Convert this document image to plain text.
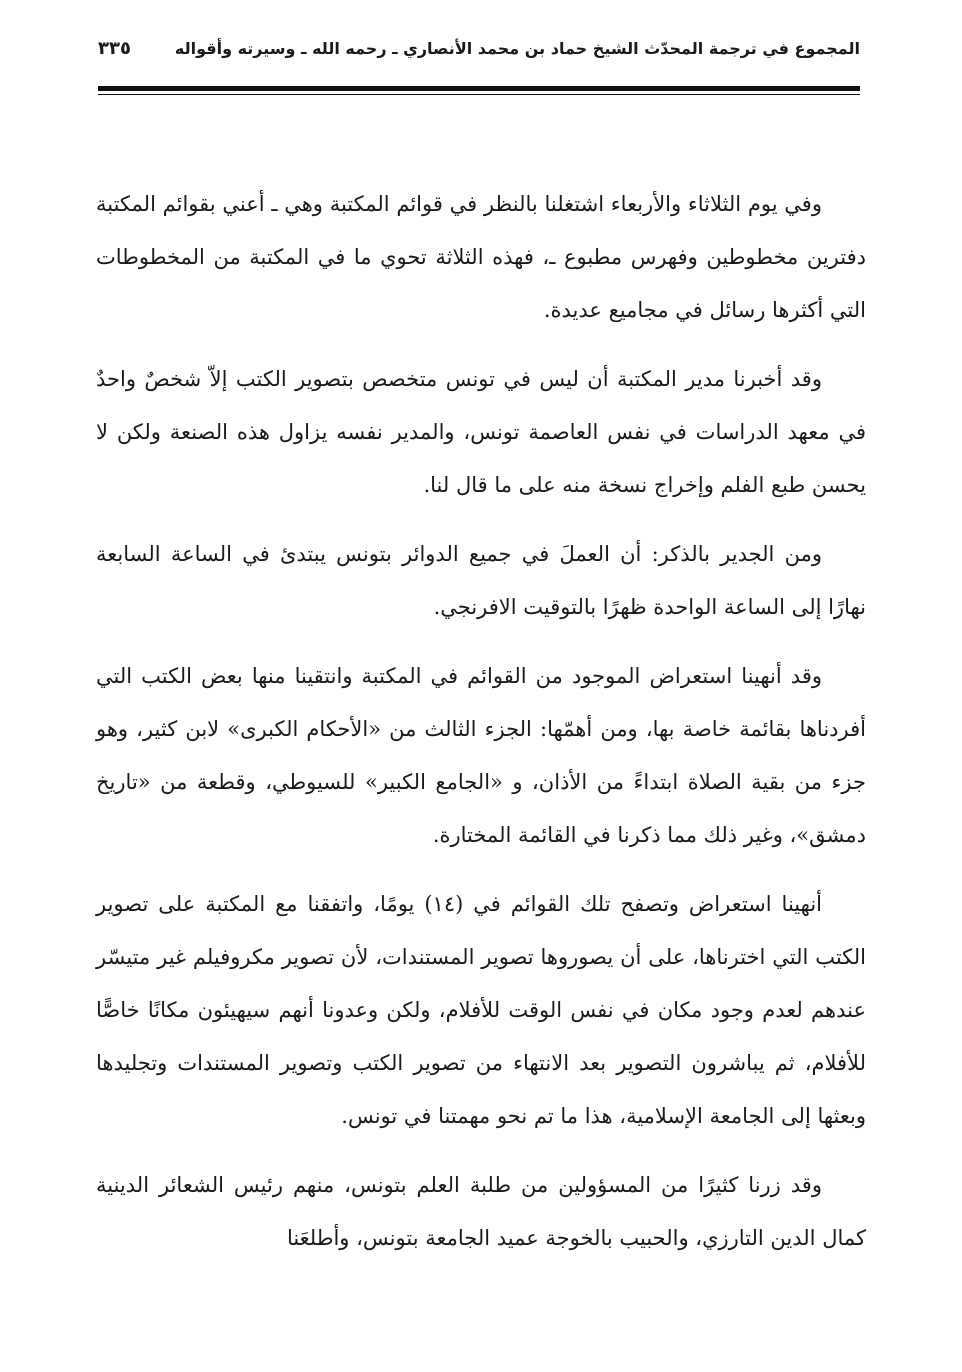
المجموع في ترجمة المحدّث الشيخ حماد بن محمد الأنصاري ـ رحمه الله ـ وسيرته وأقواله
٣٣٥

وفي يوم الثلاثاء والأربعاء اشتغلنا بالنظر في قوائم المكتبة وهي ـ أعني بقوائم المكتبة دفترين مخطوطين وفهرس مطبوع ـ، فهذه الثلاثة تحوي ما في المكتبة من المخطوطات التي أكثرها رسائل في مجاميع عديدة.

وقد أخبرنا مدير المكتبة أن ليس في تونس متخصص بتصوير الكتب إلاّ شخصٌ واحدٌ في معهد الدراسات في نفس العاصمة تونس، والمدير نفسه يزاول هذه الصنعة ولكن لا يحسن طبع الفلم وإخراج نسخة منه على ما قال لنا.

ومن الجدير بالذكر: أن العملَ في جميع الدوائر بتونس يبتدئ في الساعة السابعة نهارًا إلى الساعة الواحدة ظهرًا بالتوقيت الافرنجي.

وقد أنهينا استعراض الموجود من القوائم في المكتبة وانتقينا منها بعض الكتب التي أفردناها بقائمة خاصة بها، ومن أهمّها: الجزء الثالث من «الأحكام الكبرى» لابن كثير، وهو جزء من بقية الصلاة ابتداءً من الأذان، و «الجامع الكبير» للسيوطي، وقطعة من «تاريخ دمشق»، وغير ذلك مما ذكرنا في القائمة المختارة.

أنهينا استعراض وتصفح تلك القوائم في (١٤) يومًا، واتفقنا مع المكتبة على تصوير الكتب التي اخترناها، على أن يصوروها تصوير المستندات، لأن تصوير مكروفيلم غير متيسّر عندهم لعدم وجود مكان في نفس الوقت للأفلام، ولكن وعدونا أنهم سيهيئون مكانًا خاصًّا للأفلام، ثم يباشرون التصوير بعد الانتهاء من تصوير الكتب وتصوير المستندات وتجليدها وبعثها إلى الجامعة الإسلامية، هذا ما تم نحو مهمتنا في تونس.

وقد زرنا كثيرًا من المسؤولين من طلبة العلم بتونس، منهم رئيس الشعائر الدينية كمال الدين التارزي، والحبيب بالخوجة عميد الجامعة بتونس، وأطلعَنا
